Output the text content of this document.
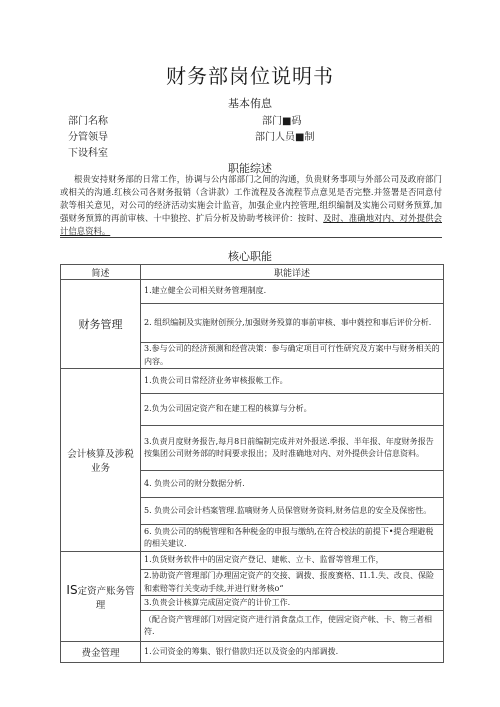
财务部岗位说明书
基本侑息
部门名称	部门■码
分管领导	部门人员■制
下设科室
职能综述
根贵安持财务部的日常工作，协调与公内部部门之间的沟通，负贵财务事项与外部公司及政府部门或相关的沟通.红核公司各财务报销（含讲款）工作流程及各流程节点意见是否完整.并签署是否同意付款等相关意见，对公司的经济活动实施会计监音，加强企业内控管理,组织编制及实施公司财务预算,加强财务预算的再前审核、十中狼控、扩后分析及协助考核评价：按时、及时、准确地对内、对外提供会计信息资料。
核心职能
简述	职能详述
财务管理	1.建立健全公司相关财务管理制度.
	2. 组织编制及实施财创预分,加强财务殁算的事前审核、事中蕤控和事后评价分析.
	3.参与公司的经济预测和经营决策：参与确定项目可行性研究及方案中与财务相关的内容。
会计核算及涉税业务	1.负贵公司日常经济业务审核报帐工作。
	2.负为公司固定资产和在建工程的核算与分析。
	3.负责月度财务报告,每月8日前编制完成并对外报送.季报、半年报、年度财务报告按集团公司财务部的时间要求报出；及时准确地对内、对外提供会计信息资料。
	4. 负贵公司的财分数据分析.
	5. 负贵公司会计档案管理.监嘀财务人员保管财务资料,财务信息的安全及保密性。
	6. 负贵公司的纳税管理和各种税金的申报与缴纳,在符合校法的前提下•提合理避税的相关建议.
IS定资产账务管理	1.负货财务软件中的固定资产登记、建帐、立卡、监督等管理工作，
	2.协助资产管理部门办理固定资产的交接、调拨、报废赛格、I1.1.失、改良、保险和索赔等行关变动手续,并进行财务核o“
	3.负贵会计核算完成固定资产的计价工作.
	（配合资产管理部门对固定资产进行消食盘点工作，使固定资产帐、卡、物三者相符.
费金管理	1.公司资金的筹集、银行借款归还以及资金的内部调拨.
